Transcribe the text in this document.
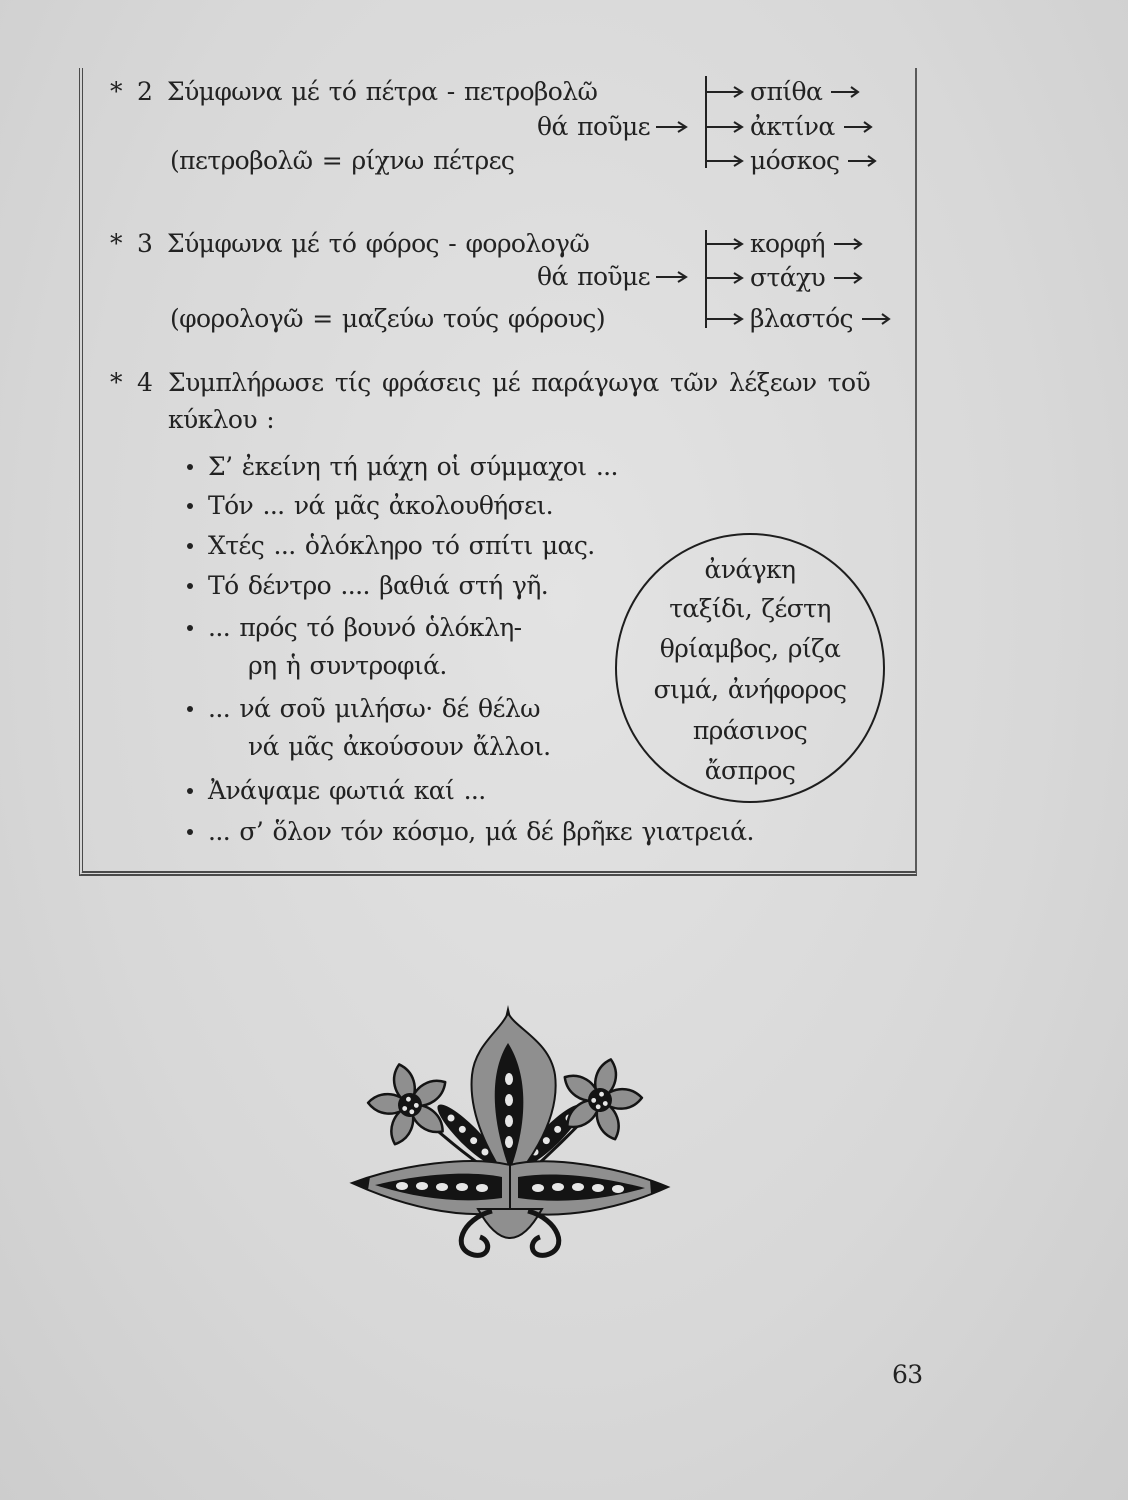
* 2 Σύμφωνα μέ τό πέτρα - πετροβολῶ
θά ποῦμε
(πετροβολῶ = ρίχνω πέτρες
σπίθα
ἀκτίνα
μόσκος
* 3 Σύμφωνα μέ τό φόρος - φορολογῶ
θά ποῦμε
(φορολογῶ = μαζεύω τούς φόρους)
κορφή
στάχυ
βλαστός
* 4 Συμπλήρωσε τίς φράσεις μέ παράγωγα τῶν λέξεων τοῦ
κύκλου :
Σ’ ἐκείνη τή μάχη οἱ σύμμαχοι ...
Τόν ... νά μᾶς ἀκολουθήσει.
Χτές ... ὁλόκληρο τό σπίτι μας.
Τό δέντρο .... βαθιά στή γῆ.
... πρός τό βουνό ὁλόκλη-
ρη ἡ συντροφιά.
... νά σοῦ μιλήσω· δέ θέλω
νά μᾶς ἀκούσουν ἄλλοι.
Ἀνάψαμε φωτιά καί ...
... σ’ ὅλον τόν κόσμο, μά δέ βρῆκε γιατρειά.
ἀνάγκη
ταξίδι, ζέστη
θρίαμβος, ρίζα
σιμά, ἀνήφορος
πράσινος
ἄσπρος
63
